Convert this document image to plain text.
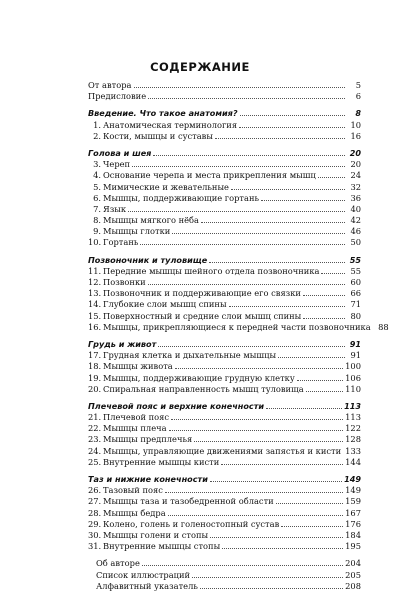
СОДЕРЖАНИЕ
От автора	5
Предисловие	6
Введение. Что такое анатомия?	8
1. Анатомическая терминология	10
2. Кости, мышцы и суставы	16
Голова и шея	20
3. Череп	20
4. Основание черепа и места прикрепления мышц	24
5. Мимические и жевательные	32
6. Мышцы, поддерживающие гортань	36
7. Язык	40
8. Мышцы мягкого нёба	42
9. Мышцы глотки	46
10. Гортань	50
Позвоночник и туловище	55
11. Передние мышцы шейного отдела позвоночника	55
12. Позвонки	60
13. Позвоночник и поддерживающие его связки	66
14. Глубокие слои мышц спины	71
15. Поверхностный и средние слои мышц спины	80
16. Мышцы, прикрепляющиеся к передней части позвоночника 88
Грудь и живот	91
17. Грудная клетка и дыхательные мышцы	91
18. Мышцы живота	100
19. Мышцы, поддерживающие грудную клетку	106
20. Спиральная направленность мышц туловища	110
Плечевой пояс и верхние конечности	113
21. Плечевой пояс	113
22. Мышцы плеча	122
23. Мышцы предплечья	128
24. Мышцы, управляющие движениями запястья и кисти 133
25. Внутренние мышцы кисти	144
Таз и нижние конечности	149
26. Тазовый пояс	149
27. Мышцы таза и тазобедренной области	159
28. Мышцы бедра	167
29. Колено, голень и голеностопный сустав	176
30. Мышцы голени и стопы	184
31. Внутренние мышцы стопы	195
Об авторе	204
Список иллюстраций	205
Алфавитный указатель	208
